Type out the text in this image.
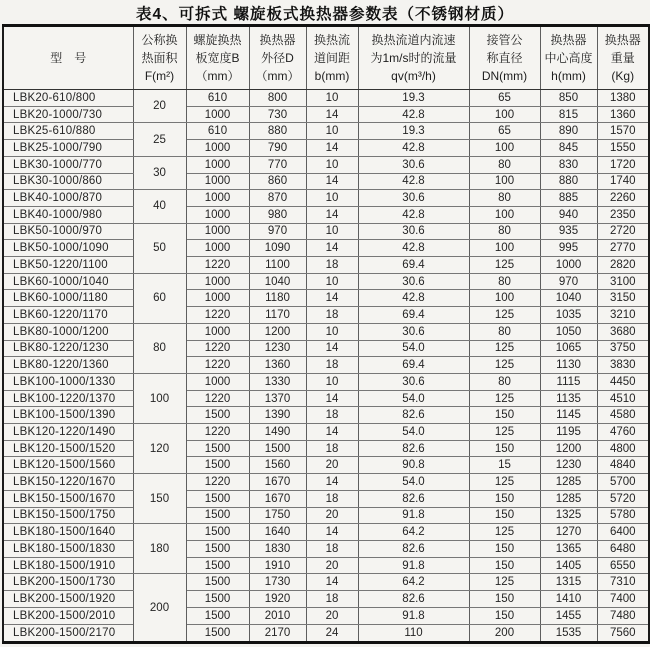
表4、可拆式 螺旋板式换热器参数表（不锈钢材质）
型　号

公称换
热面积
F(m²)

螺旋换热
板宽度B
（mm）

换热器
外径D
（mm）

换热流
道间距
b(mm)

换热流道内流速
为1m/s时的流量
qv(m³/h)

接管公
称直径
DN(mm)

换热器
中心高度
h(mm)

换热器
重量
(Kg)

LBK20-610/800	20	610	800	10	19.3	65	850	1380
LBK20-1000/730		1000	730	14	42.8	100	815	1360
LBK25-610/880	25	610	880	10	19.3	65	890	1570
LBK25-1000/790		1000	790	14	42.8	100	845	1550
LBK30-1000/770	30	1000	770	10	30.6	80	830	1720
LBK30-1000/860		1000	860	14	42.8	100	880	1740
LBK40-1000/870	40	1000	870	10	30.6	80	885	2260
LBK40-1000/980		1000	980	14	42.8	100	940	2350
LBK50-1000/970	50	1000	970	10	30.6	80	935	2720
LBK50-1000/1090		1000	1090	14	42.8	100	995	2770
LBK50-1220/1100		1220	1100	18	69.4	125	1000	2820
LBK60-1000/1040	60	1000	1040	10	30.6	80	970	3100
LBK60-1000/1180		1000	1180	14	42.8	100	1040	3150
LBK60-1220/1170		1220	1170	18	69.4	125	1035	3210
LBK80-1000/1200	80	1000	1200	10	30.6	80	1050	3680
LBK80-1220/1230		1220	1230	14	54.0	125	1065	3750
LBK80-1220/1360		1220	1360	18	69.4	125	1130	3830
LBK100-1000/1330	100	1000	1330	10	30.6	80	1115	4450
LBK100-1220/1370		1220	1370	14	54.0	125	1135	4510
LBK100-1500/1390		1500	1390	18	82.6	150	1145	4580
LBK120-1220/1490	120	1220	1490	14	54.0	125	1195	4760
LBK120-1500/1520		1500	1500	18	82.6	150	1200	4800
LBK120-1500/1560		1500	1560	20	90.8	15	1230	4840
LBK150-1220/1670	150	1220	1670	14	54.0	125	1285	5700
LBK150-1500/1670		1500	1670	18	82.6	150	1285	5720
LBK150-1500/1750		1500	1750	20	91.8	150	1325	5780
LBK180-1500/1640	180	1500	1640	14	64.2	125	1270	6400
LBK180-1500/1830		1500	1830	18	82.6	150	1365	6480
LBK180-1500/1910		1500	1910	20	91.8	150	1405	6550
LBK200-1500/1730	200	1500	1730	14	64.2	125	1315	7310
LBK200-1500/1920		1500	1920	18	82.6	150	1410	7400
LBK200-1500/2010		1500	2010	20	91.8	150	1455	7480
LBK200-1500/2170		1500	2170	24	110	200	1535	7560
